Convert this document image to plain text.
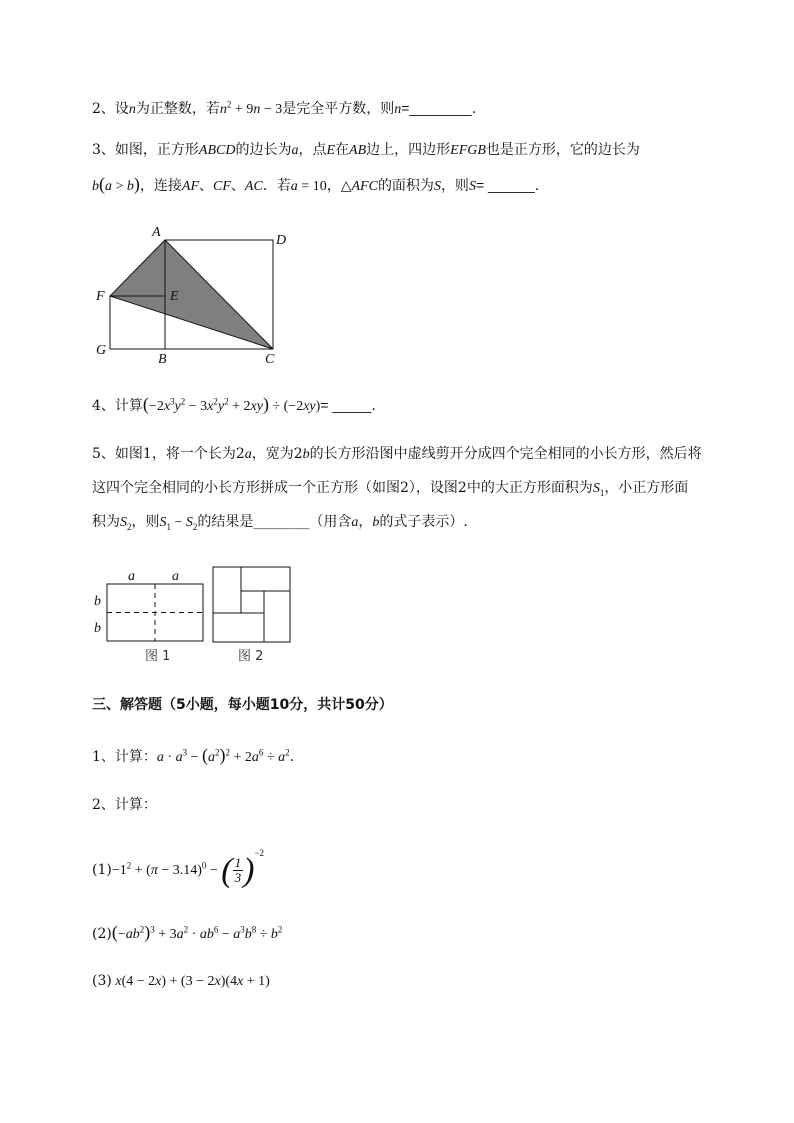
2、设n为正整数，若$n^2 + 9n - 3$是完全平方数，则n=________.
3、如图，正方形ABCD的边长为a，点E在AB边上，四边形EFGB也是正方形，它的边长为
b(a > b)，连接AF、CF、AC．若a = 10，△AFC的面积为S，则S= ______.
A
D
F	E
G
B	C
4、计算$(-2x^3y^2 - 3x^2y^2 + 2xy) \div (-2xy)=$ _____.
5、如图1，将一个长为2a，宽为2b的长方形沿图中虚线剪开分成四个完全相同的小长方形，然后将
这四个完全相同的小长方形拼成一个正方形（如图2），设图2中的大正方形面积为$S_1$，小正方形面
积为$S_2$，则$S_1 - S_2$的结果是________（用含a，b的式子表示）.
a	a
b
b
图 1	图 2
三、解答题（5小题，每小题10分，共计50分）
1、计算：$a \cdot a^3 - (a^2)^2 + 2a^6 \div a^2$.
2、计算：
$(1)-1^2 + (\pi - 3.14)^0$ − ( $\frac{1}{3} )^{-2}$
$(2)(-ab^2)^3 + 3a^2 \cdot ab^6 - a^3b^8 \div b^2$
(3) x(4 − 2x) + (3 − 2x)(4x + 1)
